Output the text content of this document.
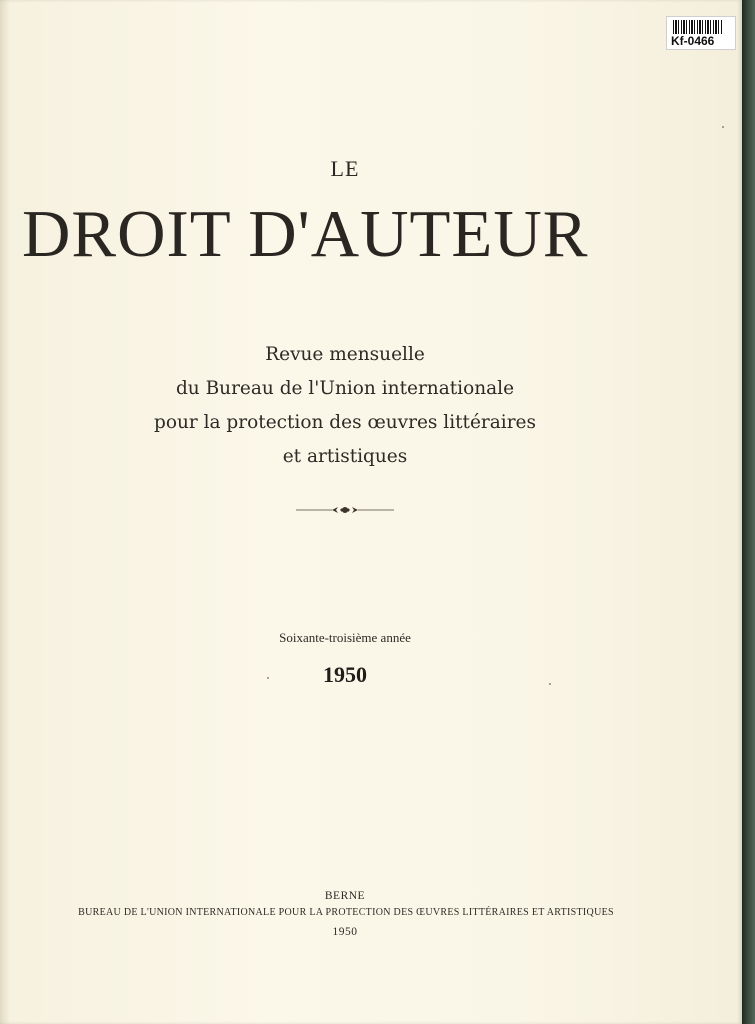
Kf-0466
LE
DROIT D'AUTEUR
Revue mensuelle
du Bureau de l'Union internationale
pour la protection des œuvres littéraires
et artistiques
Soixante-troisième année
1950
BERNE
BUREAU DE L'UNION INTERNATIONALE POUR LA PROTECTION DES ŒUVRES LITTÉRAIRES ET ARTISTIQUES
1950
